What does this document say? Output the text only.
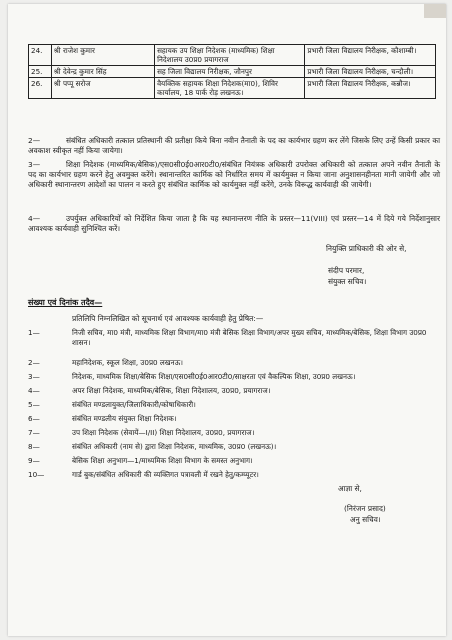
24.	श्री राजेश कुमार	सहायक उप शिक्षा निदेशक (माध्यमिक) शिक्षा निदेशालय उ0प्र0 प्रयागराज	प्रभारी जिला विद्यालय निरीक्षक, कौशाम्बी।
25.	श्री देवेन्द्र कुमार सिंह	सह जिला विद्यालय निरीक्षक, जौनपुर	प्रभारी जिला विद्यालय निरीक्षक, चन्दौली।
26.	श्री पप्पू सरोज	वैयक्तिक सहायक शिक्षा निदेशक(मा0), शिविर कार्यालय, 18 पार्क रोड़ लखनऊ।	प्रभारी जिला विद्यालय निरीक्षक, कन्नौज।
2—	संबंधित अधिकारी तत्काल प्रतिस्थानी की प्रतीक्षा किये बिना नवीन तैनाती के पद का कार्यभार ग्रहण कर लेंगे जिसके लिए उन्हें किसी प्रकार का अवकाश स्वीकृत नहीं किया जायेगा।
3—	शिक्षा निदेशक (माध्यमिक/बेसिक)/एस0सी0ई0आर0टी0/संबंधित नियंत्रक अधिकारी उपरोक्त अधिकारी को तत्काल अपने नवीन तैनाती के पद का कार्यभार ग्रहण करने हेतु अवमुक्त करेंगे। स्थानान्तरित कार्मिक को निर्धारित समय में कार्यमुक्त न किया जाना अनुशासनहीनता मानी जायेगी और जो अधिकारी स्थानान्तरण आदेशों का पालन न करते हुए संबंधित कार्मिक को कार्यमुक्त नहीं करेंगे, उनके विरूद्ध कार्यवाही की जायेगी।
4—	उपर्युक्त अधिकारियों को निर्देशित किया जाता है कि यह स्थानान्तरण नीति के प्रस्तर—11(VIII) एवं प्रस्तर—14 में दिये गये निर्देशानुसार आवश्यक कार्यवाही सुनिश्चित करें।
नियुक्ति प्राधिकारी की ओर से,
संदीप परमार,
संयुक्त सचिव।
संख्या एवं दिनांक तदैव—
प्रतिलिपि निम्नलिखित को सूचनार्थ एवं आवश्यक कार्यवाही हेतु प्रेषित:—
1—	निजी सचिव, मा0 मंत्री, माध्यमिक शिक्षा विभाग/मा0 मंत्री बेसिक शिक्षा विभाग/अपर मुख्य सचिव, माध्यमिक/बेसिक, शिक्षा विभाग उ0प्र0 शासन।
2—	महानिदेशक, स्कूल शिक्षा, उ0प्र0 लखनऊ।
3—	निदेशक, माध्यमिक शिक्षा/बेसिक शिक्षा/एस0सी0ई0आर0टी0/साक्षरता एवं वैकल्पिक शिक्षा, उ0प्र0 लखनऊ।
4—	अपर शिक्षा निदेशक, माध्यमिक/बेसिक, शिक्षा निदेशालय, उ0प्र0, प्रयागराज।
5—	संबंधित मण्डलायुक्त/जिलाधिकारी/कोषाधिकारी।
6—	संबंधित मण्डलीय संयुक्त शिक्षा निदेशक।
7—	उप शिक्षा निदेशक (सेवायें—I/II) शिक्षा निदेशालय, उ0प्र0, प्रयागराज।
8—	संबंधित अधिकारी (नाम से) द्वारा शिक्षा निदेशक, माध्यमिक, उ0प्र0 (लखनऊ)।
9—	बेसिक शिक्षा अनुभाग—1/माध्यमिक शिक्षा विभाग के समस्त अनुभाग।
10—	गार्ड बुक/संबंधित अधिकारी की व्यक्तिगत पत्रावली में रखने हेतु/कम्प्यूटर।
आज्ञा से,
(निरंजन प्रसाद)
अनु सचिव।
